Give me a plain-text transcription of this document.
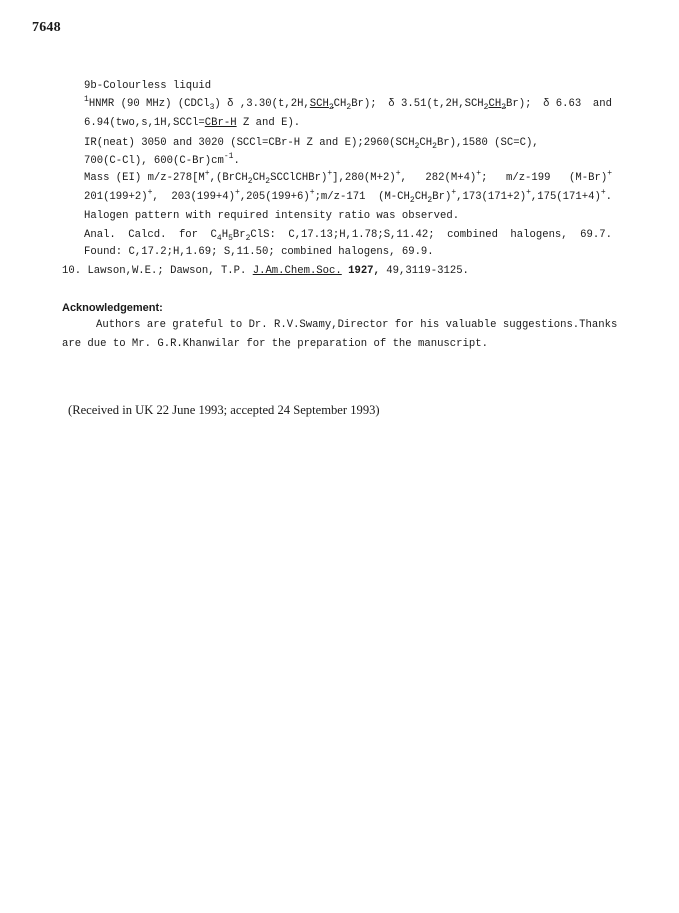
7648
9b-Colourless liquid
$^1$HNMR (90 MHz) (CDCl$_3$) δ $,3.30(t,2H,SCH_2CH_2Br)$; δ $3.51(t,2H,SCH_2CH_2Br)$; δ 6.63 and
6.94(two,s,1H,SCCl=CBr-H Z and E).
IR(neat) 3050 and 3020 (SCCl=CBr-H Z and $E);2960(SCH_2CH_2Br),1580$ (SC=C),
700(C-Cl), $600(C-Br)cm^{-1}$.
Mass (EI) $m/z-278[M^+,(BrCH_2CH_2SCClCHBr)^+],280(M+2)^+$, 282(M+4)+; m/z-199 (M-Br)+
201(199+2)+, 203(199+4)+,205(199+6)+;m/z-171 $(M-CH_2CH_2Br)^+,173(171+2)^+,175(171+4)^+$.
Halogen pattern with required intensity ratio was observed.
Anal. Calcd. for $C_4H_5Br_2ClS$: C,17.13;H,1.78;S,11.42; combined halogens, 69.7.
Found: C,17.2;H,1.69; S,11.50; combined halogens, 69.9.
10. Lawson,W.E.; Dawson, T.P. J.Am.Chem.Soc. 1927, 49,3119-3125.
Acknowledgement:
Authors are grateful to Dr. R.V.Swamy,Director for his valuable suggestions.Thanks
are due to Mr. G.R.Khanwilar for the preparation of the manuscript.
(Received in UK 22 June 1993; accepted 24 September 1993)
